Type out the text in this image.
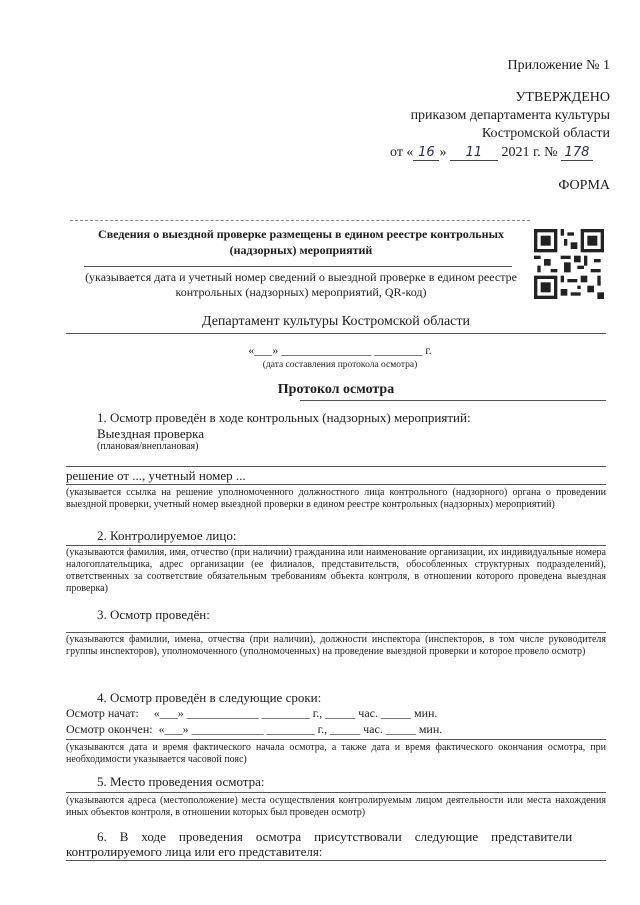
Приложение № 1
УТВЕРЖДЕНО
приказом департамента культуры
Костромской области
от « 16 » 11 2021 г. № 178
ФОРМА
Сведения о выездной проверке размещены в едином реестре контрольных (надзорных) мероприятий
(указывается дата и учетный номер сведений о выездной проверке в едином реестре контрольных (надзорных) мероприятий, QR-код)
Департамент культуры Костромской области
«___» _______________ ________ г.
(дата составления протокола осмотра)
Протокол осмотра
1. Осмотр проведён в ходе контрольных (надзорных) мероприятий:
Выездная проверка
(плановая/внеплановая)
решение от ..., учетный номер ...
(указывается ссылка на решение уполномоченного должностного лица контрольного (надзорного) органа о проведении выездной проверки, учетный номер выездной проверки в едином реестре контрольных (надзорных) мероприятий)
2. Контролируемое лицо:
(указываются фамилия, имя, отчество (при наличии) гражданина или наименование организации, их индивидуальные номера налогоплательщика, адрес организации (ее филиалов, представительств, обособленных структурных подразделений), ответственных за соответствие обязательным требованиям объекта контроля, в отношении которого проведена выездная проверка)
3. Осмотр проведён:
(указываются фамилии, имена, отчества (при наличии), должности инспектора (инспекторов, в том числе руководителя группы инспекторов), уполномоченного (уполномоченных) на проведение выездной проверки и которое провело осмотр)
4. Осмотр проведён в следующие сроки:
Осмотр начат:     «___» ____________ ________ г., _____ час. _____ мин.
Осмотр окончен:  «___» ____________ ________ г., _____ час. _____ мин.
(указываются дата и время фактического начала осмотра, а также дата и время фактического окончания осмотра, при необходимости указывается часовой пояс)
5. Место проведения осмотра:
(указываются адреса (местоположение) места осуществления контролируемым лицом деятельности или места нахождения иных объектов контроля, в отношении которых был проведен осмотр)
6.    В    ходе    проведения    осмотра    присутствовали    следующие    представители
контролируемого лица или его представителя:
